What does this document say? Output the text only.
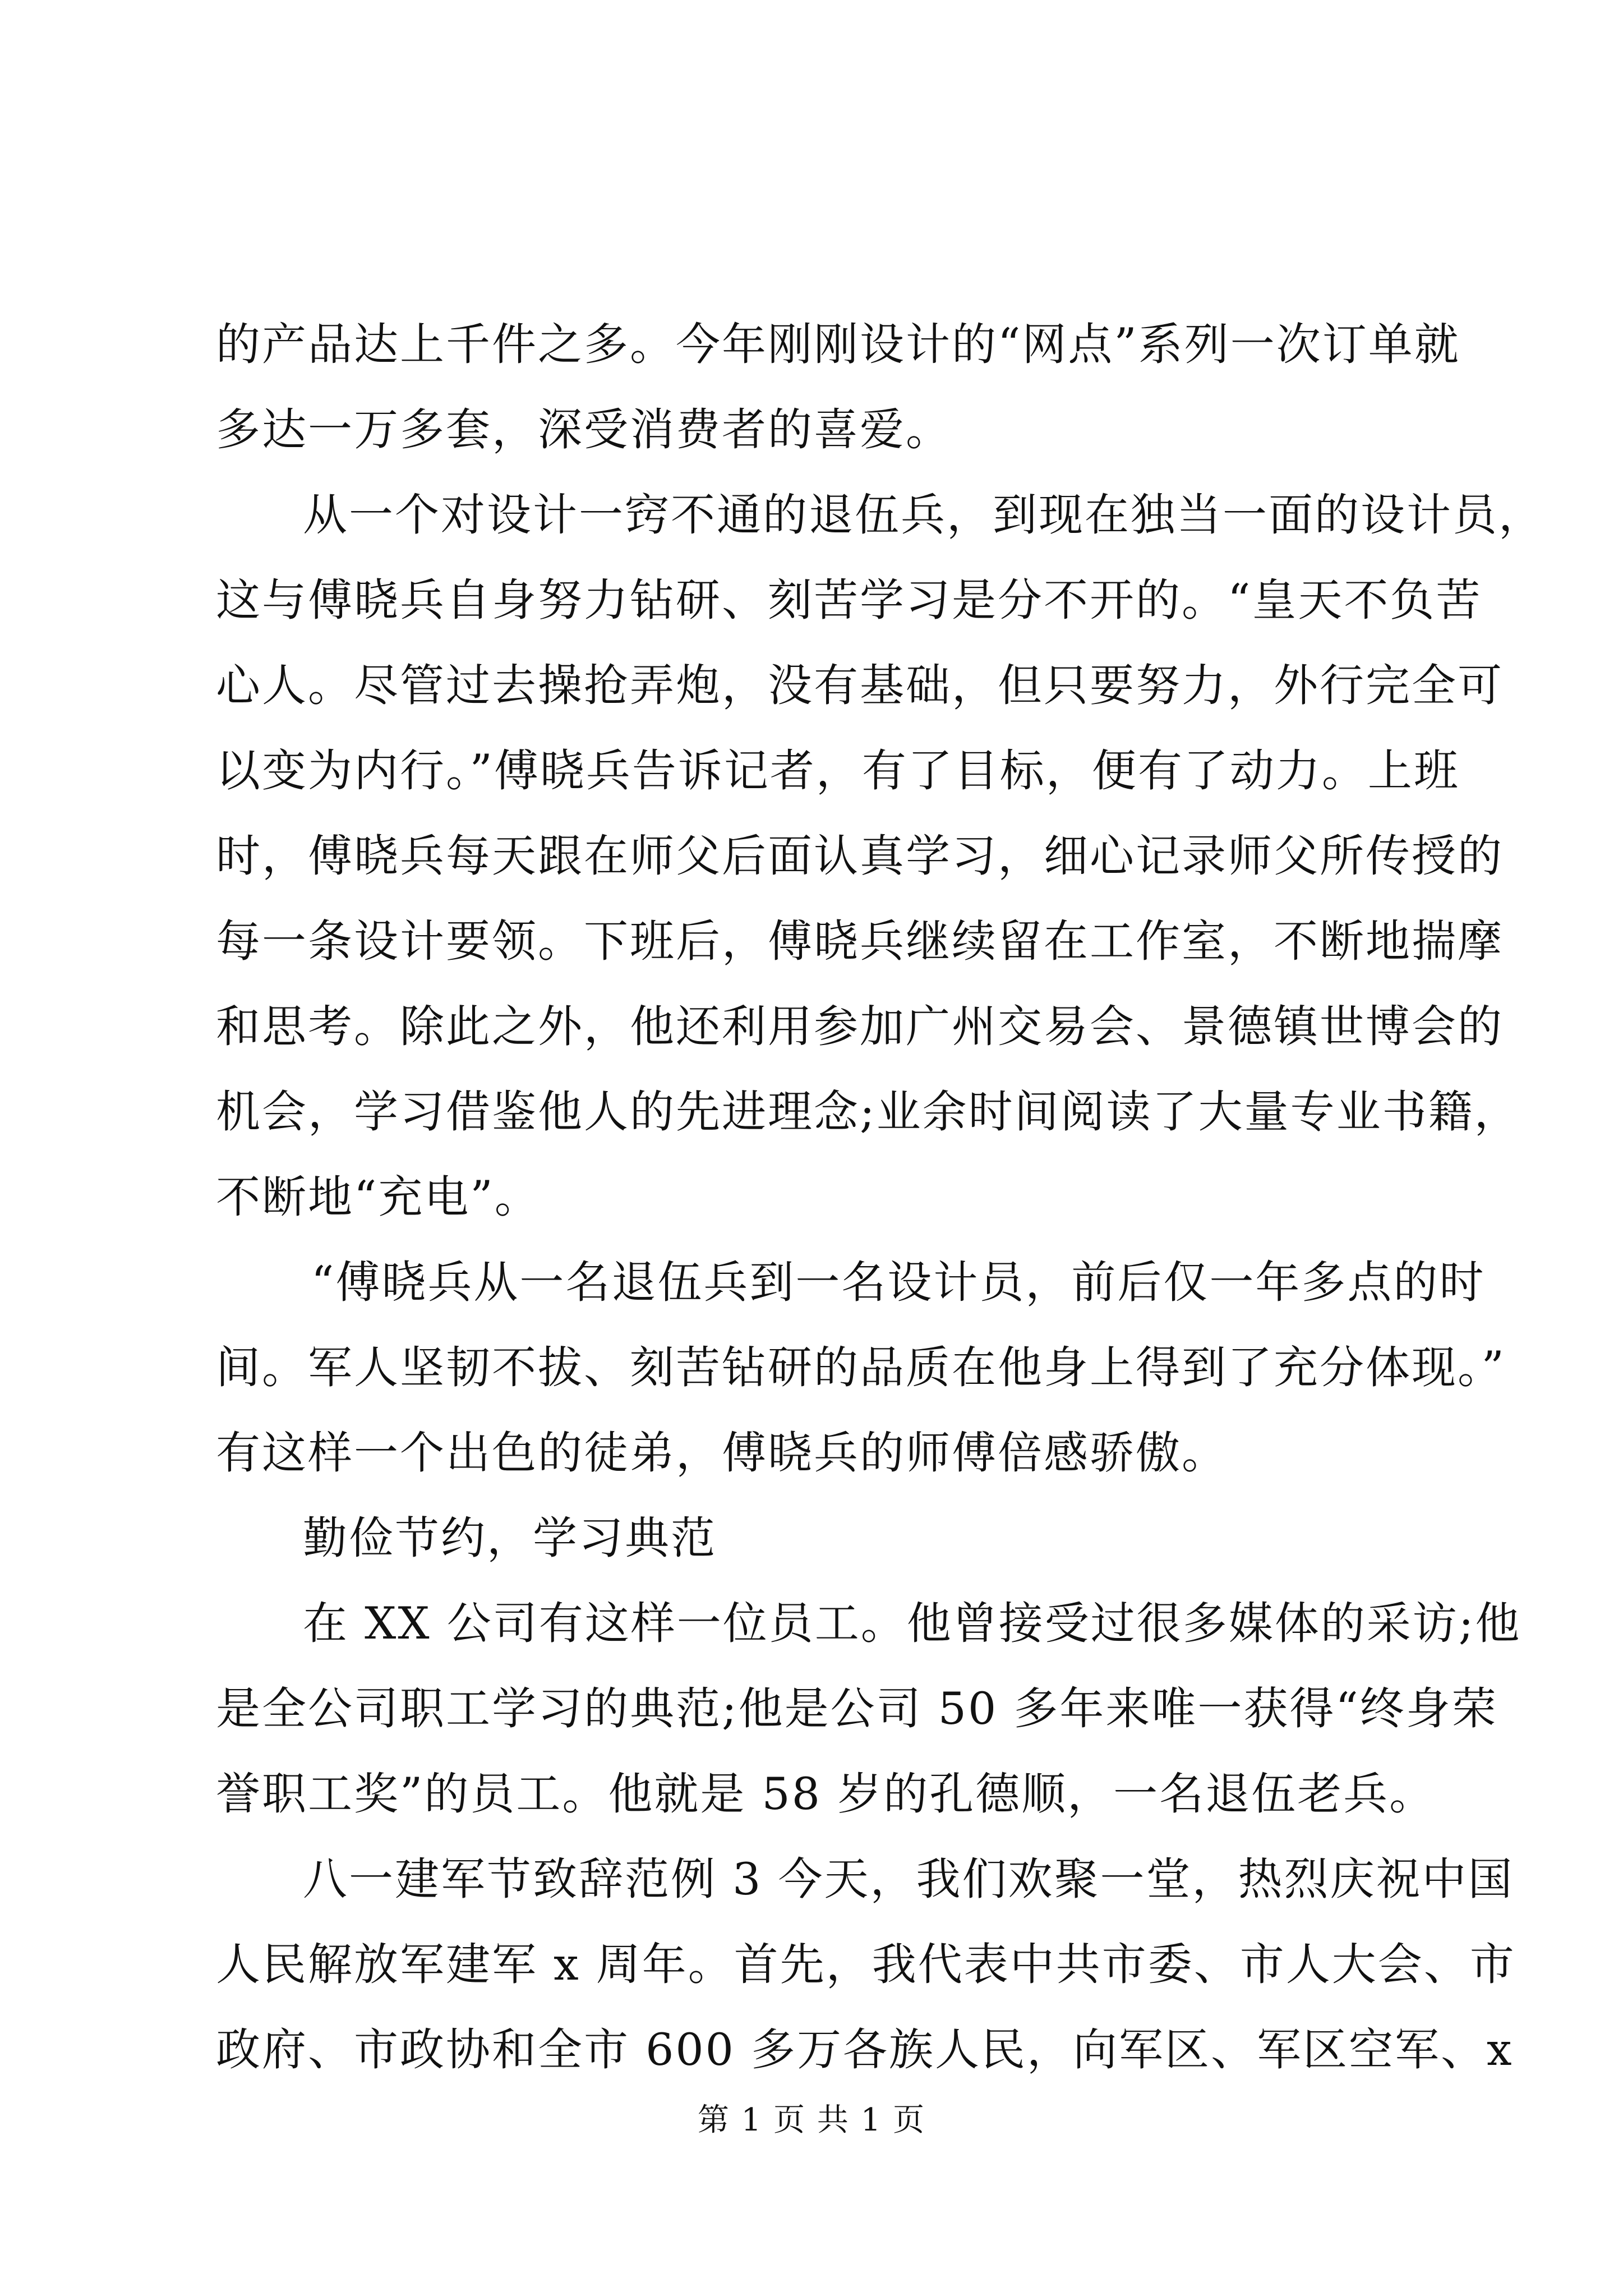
的产品达上千件之多。今年刚刚设计的“网点”系列一次订单就
多达一万多套，深受消费者的喜爱。
从一个对设计一窍不通的退伍兵，到现在独当一面的设计员，
这与傅晓兵自身努力钻研、刻苦学习是分不开的。“皇天不负苦
心人。尽管过去操抢弄炮，没有基础，但只要努力，外行完全可
以变为内行。”傅晓兵告诉记者，有了目标，便有了动力。上班
时，傅晓兵每天跟在师父后面认真学习，细心记录师父所传授的
每一条设计要领。下班后，傅晓兵继续留在工作室，不断地揣摩
和思考。除此之外，他还利用参加广州交易会、景德镇世博会的
机会，学习借鉴他人的先进理念;业余时间阅读了大量专业书籍，
不断地“充电”。
“傅晓兵从一名退伍兵到一名设计员，前后仅一年多点的时
间。军人坚韧不拔、刻苦钻研的品质在他身上得到了充分体现。”
有这样一个出色的徒弟，傅晓兵的师傅倍感骄傲。
勤俭节约，学习典范
在 XX 公司有这样一位员工。他曾接受过很多媒体的采访;他
是全公司职工学习的典范;他是公司 50 多年来唯一获得“终身荣
誉职工奖”的员工。他就是 58 岁的孔德顺，一名退伍老兵。
八一建军节致辞范例 3 今天，我们欢聚一堂，热烈庆祝中国
人民解放军建军 x 周年。首先，我代表中共市委、市人大会、市
政府、市政协和全市 600 多万各族人民，向军区、军区空军、x
第 1 页 共 1 页
